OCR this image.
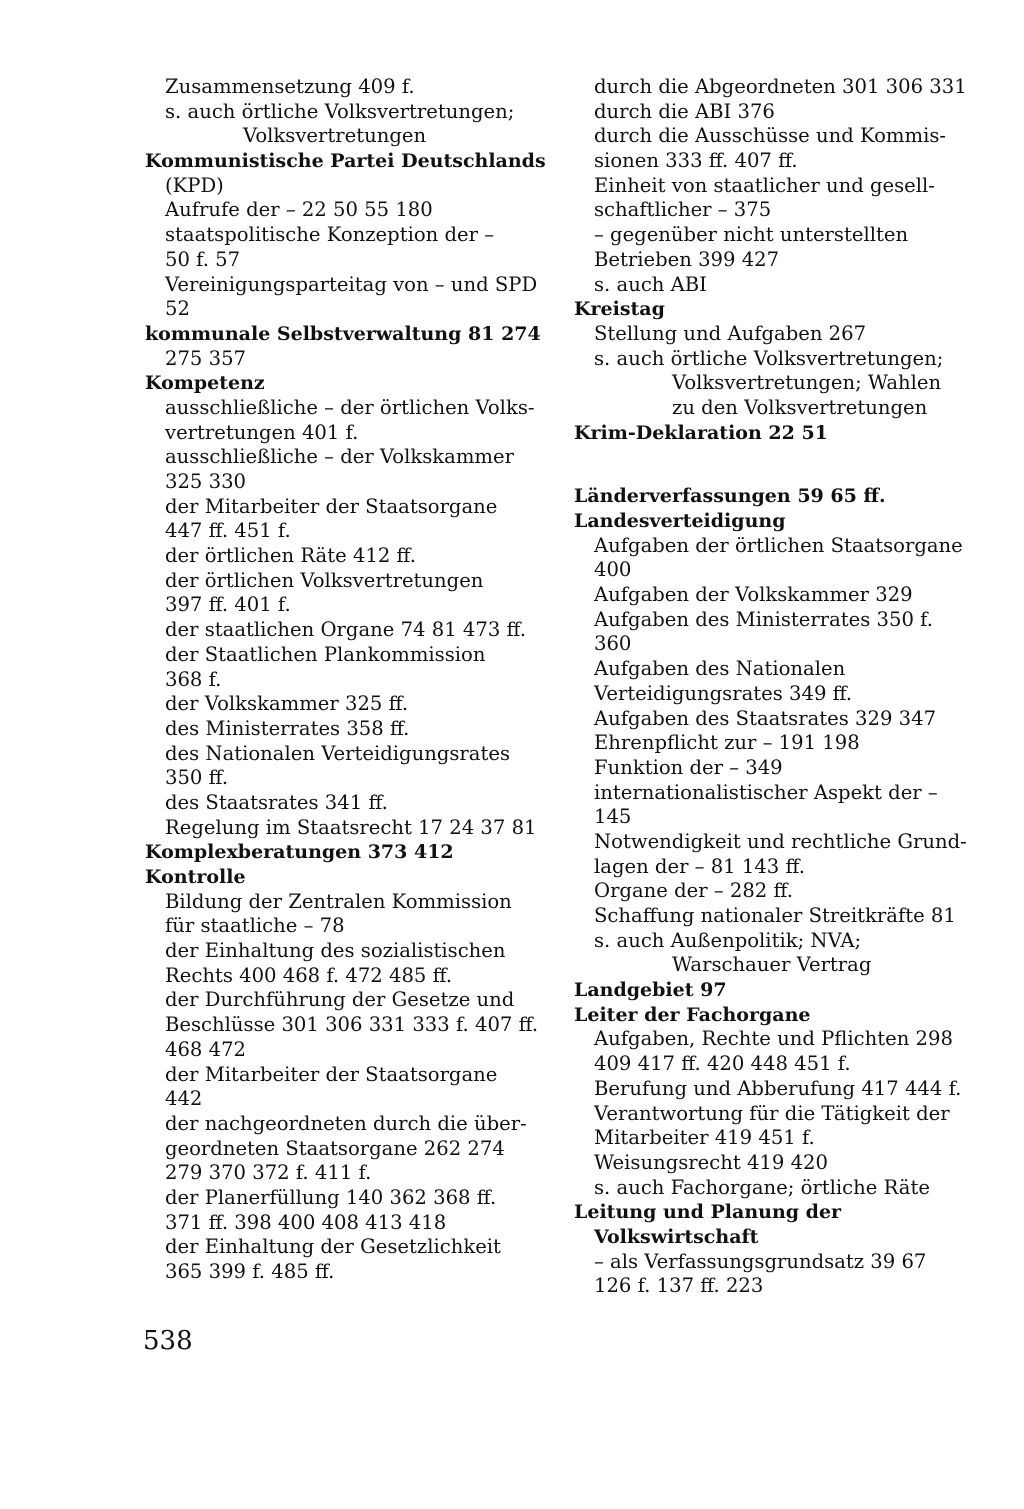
Zusammensetzung 409 f.
s. auch örtliche Volksvertretungen;
Volksvertretungen
Kommunistische Partei Deutschlands
(KPD)
Aufrufe der – 22 50 55 180
staatspolitische Konzeption der –
50 f. 57
Vereinigungsparteitag von – und SPD
52
kommunale Selbstverwaltung 81 274
275 357
Kompetenz
ausschließliche – der örtlichen Volks-
vertretungen 401 f.
ausschließliche – der Volkskammer
325 330
der Mitarbeiter der Staatsorgane
447 ff. 451 f.
der örtlichen Räte 412 ff.
der örtlichen Volksvertretungen
397 ff. 401 f.
der staatlichen Organe 74 81 473 ff.
der Staatlichen Plankommission
368 f.
der Volkskammer 325 ff.
des Ministerrates 358 ff.
des Nationalen Verteidigungsrates
350 ff.
des Staatsrates 341 ff.
Regelung im Staatsrecht 17 24 37 81
Komplexberatungen 373 412
Kontrolle
Bildung der Zentralen Kommission
für staatliche – 78
der Einhaltung des sozialistischen
Rechts 400 468 f. 472 485 ff.
der Durchführung der Gesetze und
Beschlüsse 301 306 331 333 f. 407 ff.
468 472
der Mitarbeiter der Staatsorgane
442
der nachgeordneten durch die über-
geordneten Staatsorgane 262 274
279 370 372 f. 411 f.
der Planerfüllung 140 362 368 ff.
371 ff. 398 400 408 413 418
der Einhaltung der Gesetzlichkeit
365 399 f. 485 ff.
durch die Abgeordneten 301 306 331
durch die ABI 376
durch die Ausschüsse und Kommis-
sionen 333 ff. 407 ff.
Einheit von staatlicher und gesell-
schaftlicher – 375
– gegenüber nicht unterstellten
Betrieben 399 427
s. auch ABI
Kreistag
Stellung und Aufgaben 267
s. auch örtliche Volksvertretungen;
Volksvertretungen; Wahlen
zu den Volksvertretungen
Krim-Deklaration 22 51
Länderverfassungen 59 65 ff.
Landesverteidigung
Aufgaben der örtlichen Staatsorgane
400
Aufgaben der Volkskammer 329
Aufgaben des Ministerrates 350 f.
360
Aufgaben des Nationalen
Verteidigungsrates 349 ff.
Aufgaben des Staatsrates 329 347
Ehrenpflicht zur – 191 198
Funktion der – 349
internationalistischer Aspekt der –
145
Notwendigkeit und rechtliche Grund-
lagen der – 81 143 ff.
Organe der – 282 ff.
Schaffung nationaler Streitkräfte 81
s. auch Außenpolitik; NVA;
Warschauer Vertrag
Landgebiet 97
Leiter der Fachorgane
Aufgaben, Rechte und Pflichten 298
409 417 ff. 420 448 451 f.
Berufung und Abberufung 417 444 f.
Verantwortung für die Tätigkeit der
Mitarbeiter 419 451 f.
Weisungsrecht 419 420
s. auch Fachorgane; örtliche Räte
Leitung und Planung der
Volkswirtschaft
– als Verfassungsgrundsatz 39 67
126 f. 137 ff. 223
538
